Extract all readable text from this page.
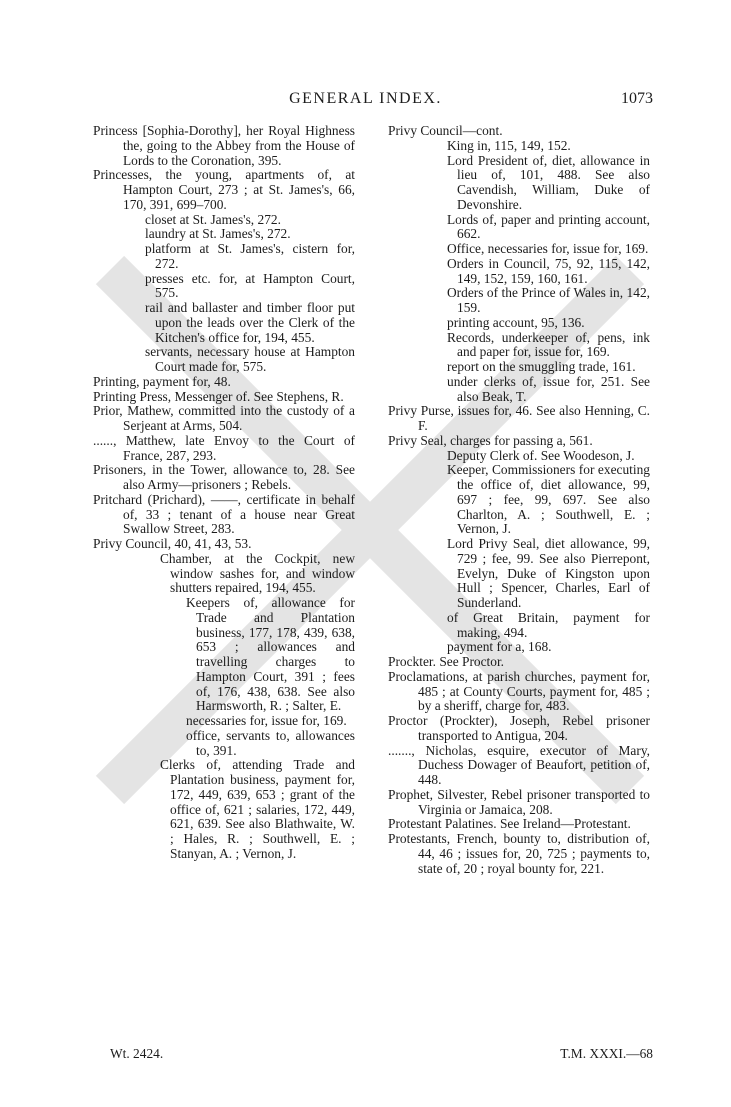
GENERAL INDEX.	1073

Princess [Sophia-Dorothy], her Royal Highness the, going to the Abbey from the House of Lords to the Coronation, 395.

Princesses, the young, apartments of, at Hampton Court, 273 ; at St. James's, 66, 170, 391, 699–700.

closet at St. James's, 272.

laundry at St. James's, 272.

platform at St. James's, cistern for, 272.

presses etc. for, at Hampton Court, 575.

rail and ballaster and timber floor put upon the leads over the Clerk of the Kitchen's office for, 194, 455.

servants, necessary house at Hampton Court made for, 575.

Printing, payment for, 48.

Printing Press, Messenger of. See Stephens, R.

Prior, Mathew, committed into the custody of a Serjeant at Arms, 504.

......, Matthew, late Envoy to the Court of France, 287, 293.

Prisoners, in the Tower, allowance to, 28. See also Army—prisoners ; Rebels.

Pritchard (Prichard), ——, certificate in behalf of, 33 ; tenant of a house near Great Swallow Street, 283.

Privy Council, 40, 41, 43, 53.

Chamber, at the Cockpit, new window sashes for, and window shutters repaired, 194, 455.

Keepers of, allowance for Trade and Plantation business, 177, 178, 439, 638, 653 ; allowances and travelling charges to Hampton Court, 391 ; fees of, 176, 438, 638. See also Harmsworth, R. ; Salter, E.

necessaries for, issue for, 169.

office, servants to, allowances to, 391.

Clerks of, attending Trade and Plantation business, payment for, 172, 449, 639, 653 ; grant of the office of, 621 ; salaries, 172, 449, 621, 639. See also Blathwaite, W. ; Hales, R. ; Southwell, E. ; Stanyan, A. ; Vernon, J.

Privy Council—cont.

King in, 115, 149, 152.

Lord President of, diet, allowance in lieu of, 101, 488. See also Cavendish, William, Duke of Devonshire.

Lords of, paper and printing account, 662.

Office, necessaries for, issue for, 169.

Orders in Council, 75, 92, 115, 142, 149, 152, 159, 160, 161.

Orders of the Prince of Wales in, 142, 159.

printing account, 95, 136.

Records, underkeeper of, pens, ink and paper for, issue for, 169.

report on the smuggling trade, 161.

under clerks of, issue for, 251. See also Beak, T.

Privy Purse, issues for, 46. See also Henning, C. F.

Privy Seal, charges for passing a, 561.

Deputy Clerk of. See Woodeson, J.

Keeper, Commissioners for executing the office of, diet allowance, 99, 697 ; fee, 99, 697. See also Charlton, A. ; Southwell, E. ; Vernon, J.

Lord Privy Seal, diet allowance, 99, 729 ; fee, 99. See also Pierrepont, Evelyn, Duke of Kingston upon Hull ; Spencer, Charles, Earl of Sunderland.

of Great Britain, payment for making, 494.

payment for a, 168.

Prockter. See Proctor.

Proclamations, at parish churches, payment for, 485 ; at County Courts, payment for, 485 ; by a sheriff, charge for, 483.

Proctor (Prockter), Joseph, Rebel prisoner transported to Antigua, 204.

......., Nicholas, esquire, executor of Mary, Duchess Dowager of Beaufort, petition of, 448.

Prophet, Silvester, Rebel prisoner transported to Virginia or Jamaica, 208.

Protestant Palatines. See Ireland—Protestant.

Protestants, French, bounty to, distribution of, 44, 46 ; issues for, 20, 725 ; payments to, state of, 20 ; royal bounty for, 221.

Wt. 2424.	T.M. XXXI.—68
